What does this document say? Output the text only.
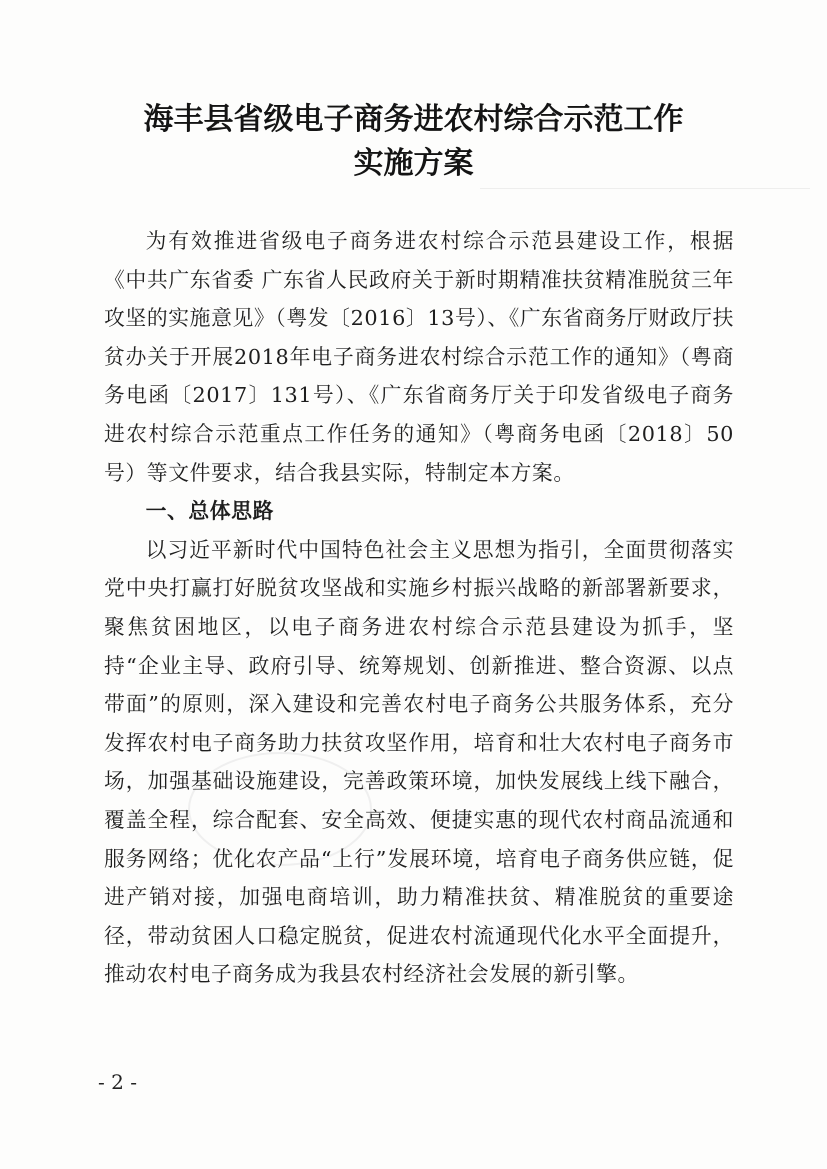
海丰县省级电子商务进农村综合示范工作
实施方案

为有效推进省级电子商务进农村综合示范县建设工作，根据《中共广东省委 广东省人民政府关于新时期精准扶贫精准脱贫三年攻坚的实施意见》（粤发〔2016〕13号）、《广东省商务厅财政厅扶贫办关于开展2018年电子商务进农村综合示范工作的通知》（粤商务电函〔2017〕131号）、《广东省商务厅关于印发省级电子商务进农村综合示范重点工作任务的通知》（粤商务电函〔2018〕50号）等文件要求，结合我县实际，特制定本方案。

一、总体思路

以习近平新时代中国特色社会主义思想为指引，全面贯彻落实党中央打赢打好脱贫攻坚战和实施乡村振兴战略的新部署新要求，聚焦贫困地区，以电子商务进农村综合示范县建设为抓手，坚持“企业主导、政府引导、统筹规划、创新推进、整合资源、以点带面”的原则，深入建设和完善农村电子商务公共服务体系，充分发挥农村电子商务助力扶贫攻坚作用，培育和壮大农村电子商务市场，加强基础设施建设，完善政策环境，加快发展线上线下融合，覆盖全程，综合配套、安全高效、便捷实惠的现代农村商品流通和服务网络；优化农产品“上行”发展环境，培育电子商务供应链，促进产销对接，加强电商培训，助力精准扶贫、精准脱贫的重要途径，带动贫困人口稳定脱贫，促进农村流通现代化水平全面提升，推动农村电子商务成为我县农村经济社会发展的新引擎。

- 2 -
